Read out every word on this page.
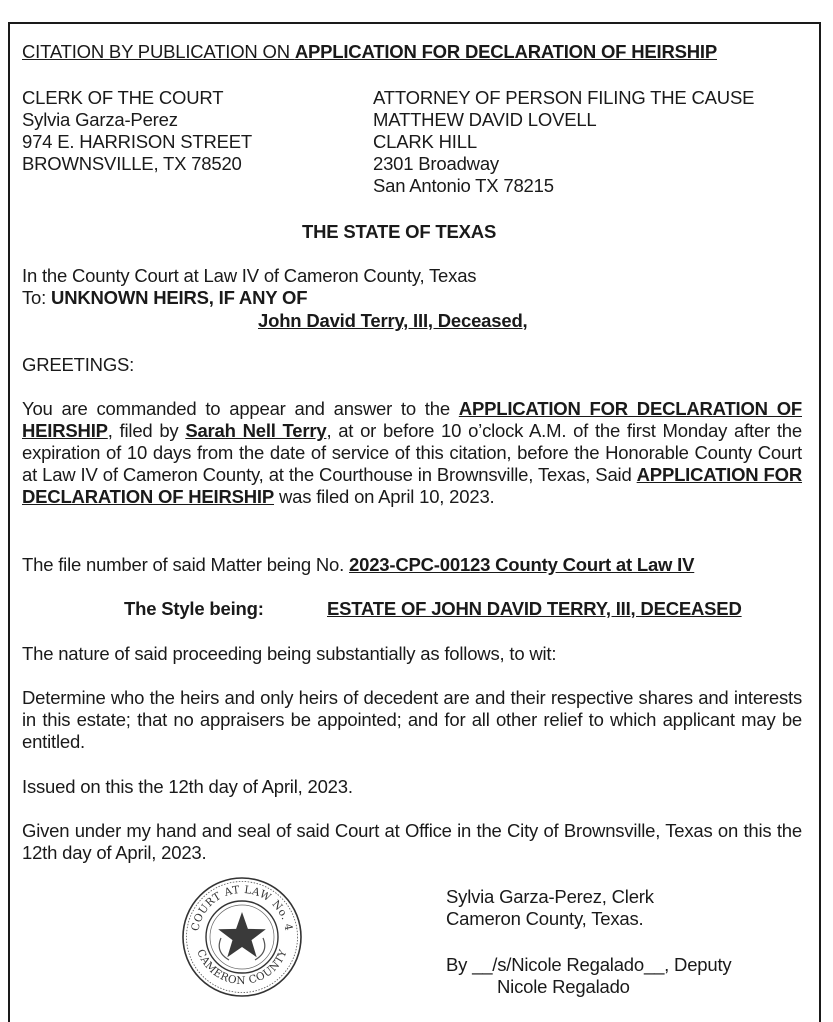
CITATION BY PUBLICATION ON APPLICATION FOR DECLARATION OF HEIRSHIP
CLERK OF THE COURT
Sylvia Garza-Perez
974 E. HARRISON STREET
BROWNSVILLE, TX 78520
ATTORNEY OF PERSON FILING THE CAUSE
MATTHEW DAVID LOVELL
CLARK HILL
2301 Broadway
San Antonio TX 78215
THE STATE OF TEXAS
In the County Court at Law IV of Cameron County, Texas
To: UNKNOWN HEIRS, IF ANY OF
John David Terry, III, Deceased,
GREETINGS:
You are commanded to appear and answer to the APPLICATION FOR DECLARATION OF HEIRSHIP, filed by Sarah Nell Terry, at or before 10 o’clock A.M. of the first Monday after the expiration of 10 days from the date of service of this citation, before the Honorable County Court at Law IV of Cameron County, at the Courthouse in Brownsville, Texas, Said APPLICATION FOR DECLARATION OF HEIRSHIP was filed on April 10, 2023.
The file number of said Matter being No. 2023-CPC-00123 County Court at Law IV
The Style being:	ESTATE OF JOHN DAVID TERRY, III, DECEASED
The nature of said proceeding being substantially as follows, to wit:
Determine who the heirs and only heirs of decedent are and their respective shares and interests in this estate; that no appraisers be appointed; and for all other relief to which applicant may be entitled.
Issued on this the 12th day of April, 2023.
Given under my hand and seal of said Court at Office in the City of Brownsville, Texas on this the 12th day of April, 2023.
COURT AT LAW No. 4
CAMERON COUNTY
Sylvia Garza-Perez, Clerk
Cameron County, Texas.
By __/s/Nicole Regalado__, Deputy
Nicole Regalado
